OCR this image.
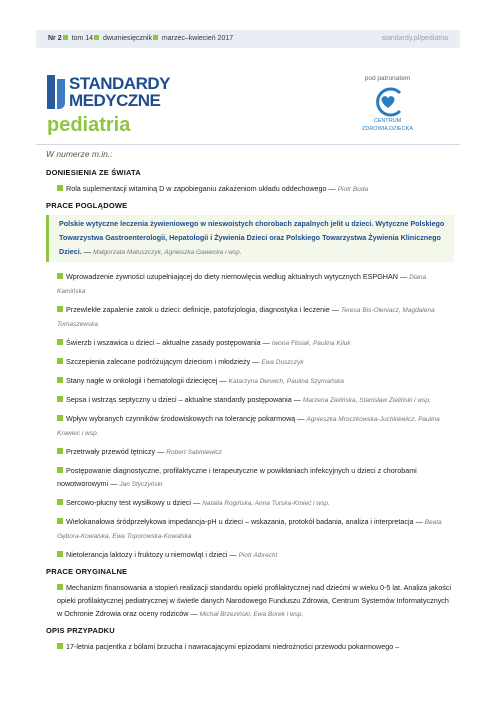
Nr 2 tom 14 dwumiesięcznik marzec–kwiecień 2017	standardy.pl/pediatria
STANDARDY
MEDYCZNE
pediatria
pod patronatem
CENTRUM
ZDROWIA DZIECKA
W numerze m.in.:
DONIESIENIA ZE ŚWIATA
Rola suplementacji witaminą D w zapobieganiu zakażeniom układu oddechowego — Piotr Buda
PRACE POGLĄDOWE
Polskie wytyczne leczenia żywieniowego w nieswoistych chorobach zapalnych jelit u dzieci. Wytyczne Polskiego Towarzystwa Gastroenterologii, Hepatologii i Żywienia Dzieci oraz Polskiego Towarzystwa Żywienia Klinicznego Dzieci. — Małgorzata Matuszczyk, Agnieszka Gawecka i wsp.
Wprowadzenie żywności uzupełniającej do diety niemowlęcia według aktualnych wytycznych ESPGHAN — Diana Kamińska
Przewlekłe zapalenie zatok u dzieci: definicje, patofizjologia, diagnostyka i leczenie — Teresa Bis-Oleniacz, Magdalena Tomaszewska
Świerzb i wszawica u dzieci – aktualne zasady postępowania — Iwona Flisiak, Paulina Kiluk
Szczepienia zalecane podróżującym dzieciom i młodzieży — Ewa Duszczyk
Stany nagłe w onkologii i hematologii dziecięcej — Katarzyna Derwich, Paulina Szymańska
Sepsa i wstrząs septyczny u dzieci – aktualne standardy postępowania — Marzena Zielińska, Stanisław Zieliński i wsp.
Wpływ wybranych czynników środowiskowych na tolerancję pokarmową — Agnieszka Mroczkowska-Juchkiewicz, Paulina Krawiec i wsp.
Przetrwały przewód tętniczy — Robert Sabiniewicz
Postępowanie diagnostyczne, profilaktyczne i terapeutyczne w powikłaniach infekcyjnych u dzieci z chorobami nowotworowymi — Jan Styczyński
Sercowo-płucny test wysiłkowy u dzieci — Natalia Rogińska, Anna Turska-Kmieć i wsp.
Wielokanałowa śródprzełykowa impedancja-pH u dzieci – wskazania, protokół badania, analiza i interpretacja — Beata Gębora-Kowalska, Ewa Toporowska-Kowalska
Nietolerancja laktozy i fruktozy u niemowląt i dzieci — Piotr Albrecht
PRACE ORYGINALNE
Mechanizm finansowania a stopień realizacji standardu opieki profilaktycznej nad dziećmi w wieku 0-5 lat. Analiza jakości opieki profilaktycznej pediatrycznej w świetle danych Narodowego Funduszu Zdrowia, Centrum Systemów Informatycznych w Ochronie Zdrowia oraz oceny rodziców — Michał Brzeziński, Ewa Borek i wsp.
OPIS PRZYPADKU
17-letnia pacjentka z bólami brzucha i nawracającymi epizodami niedrożności przewodu pokarmowego –
